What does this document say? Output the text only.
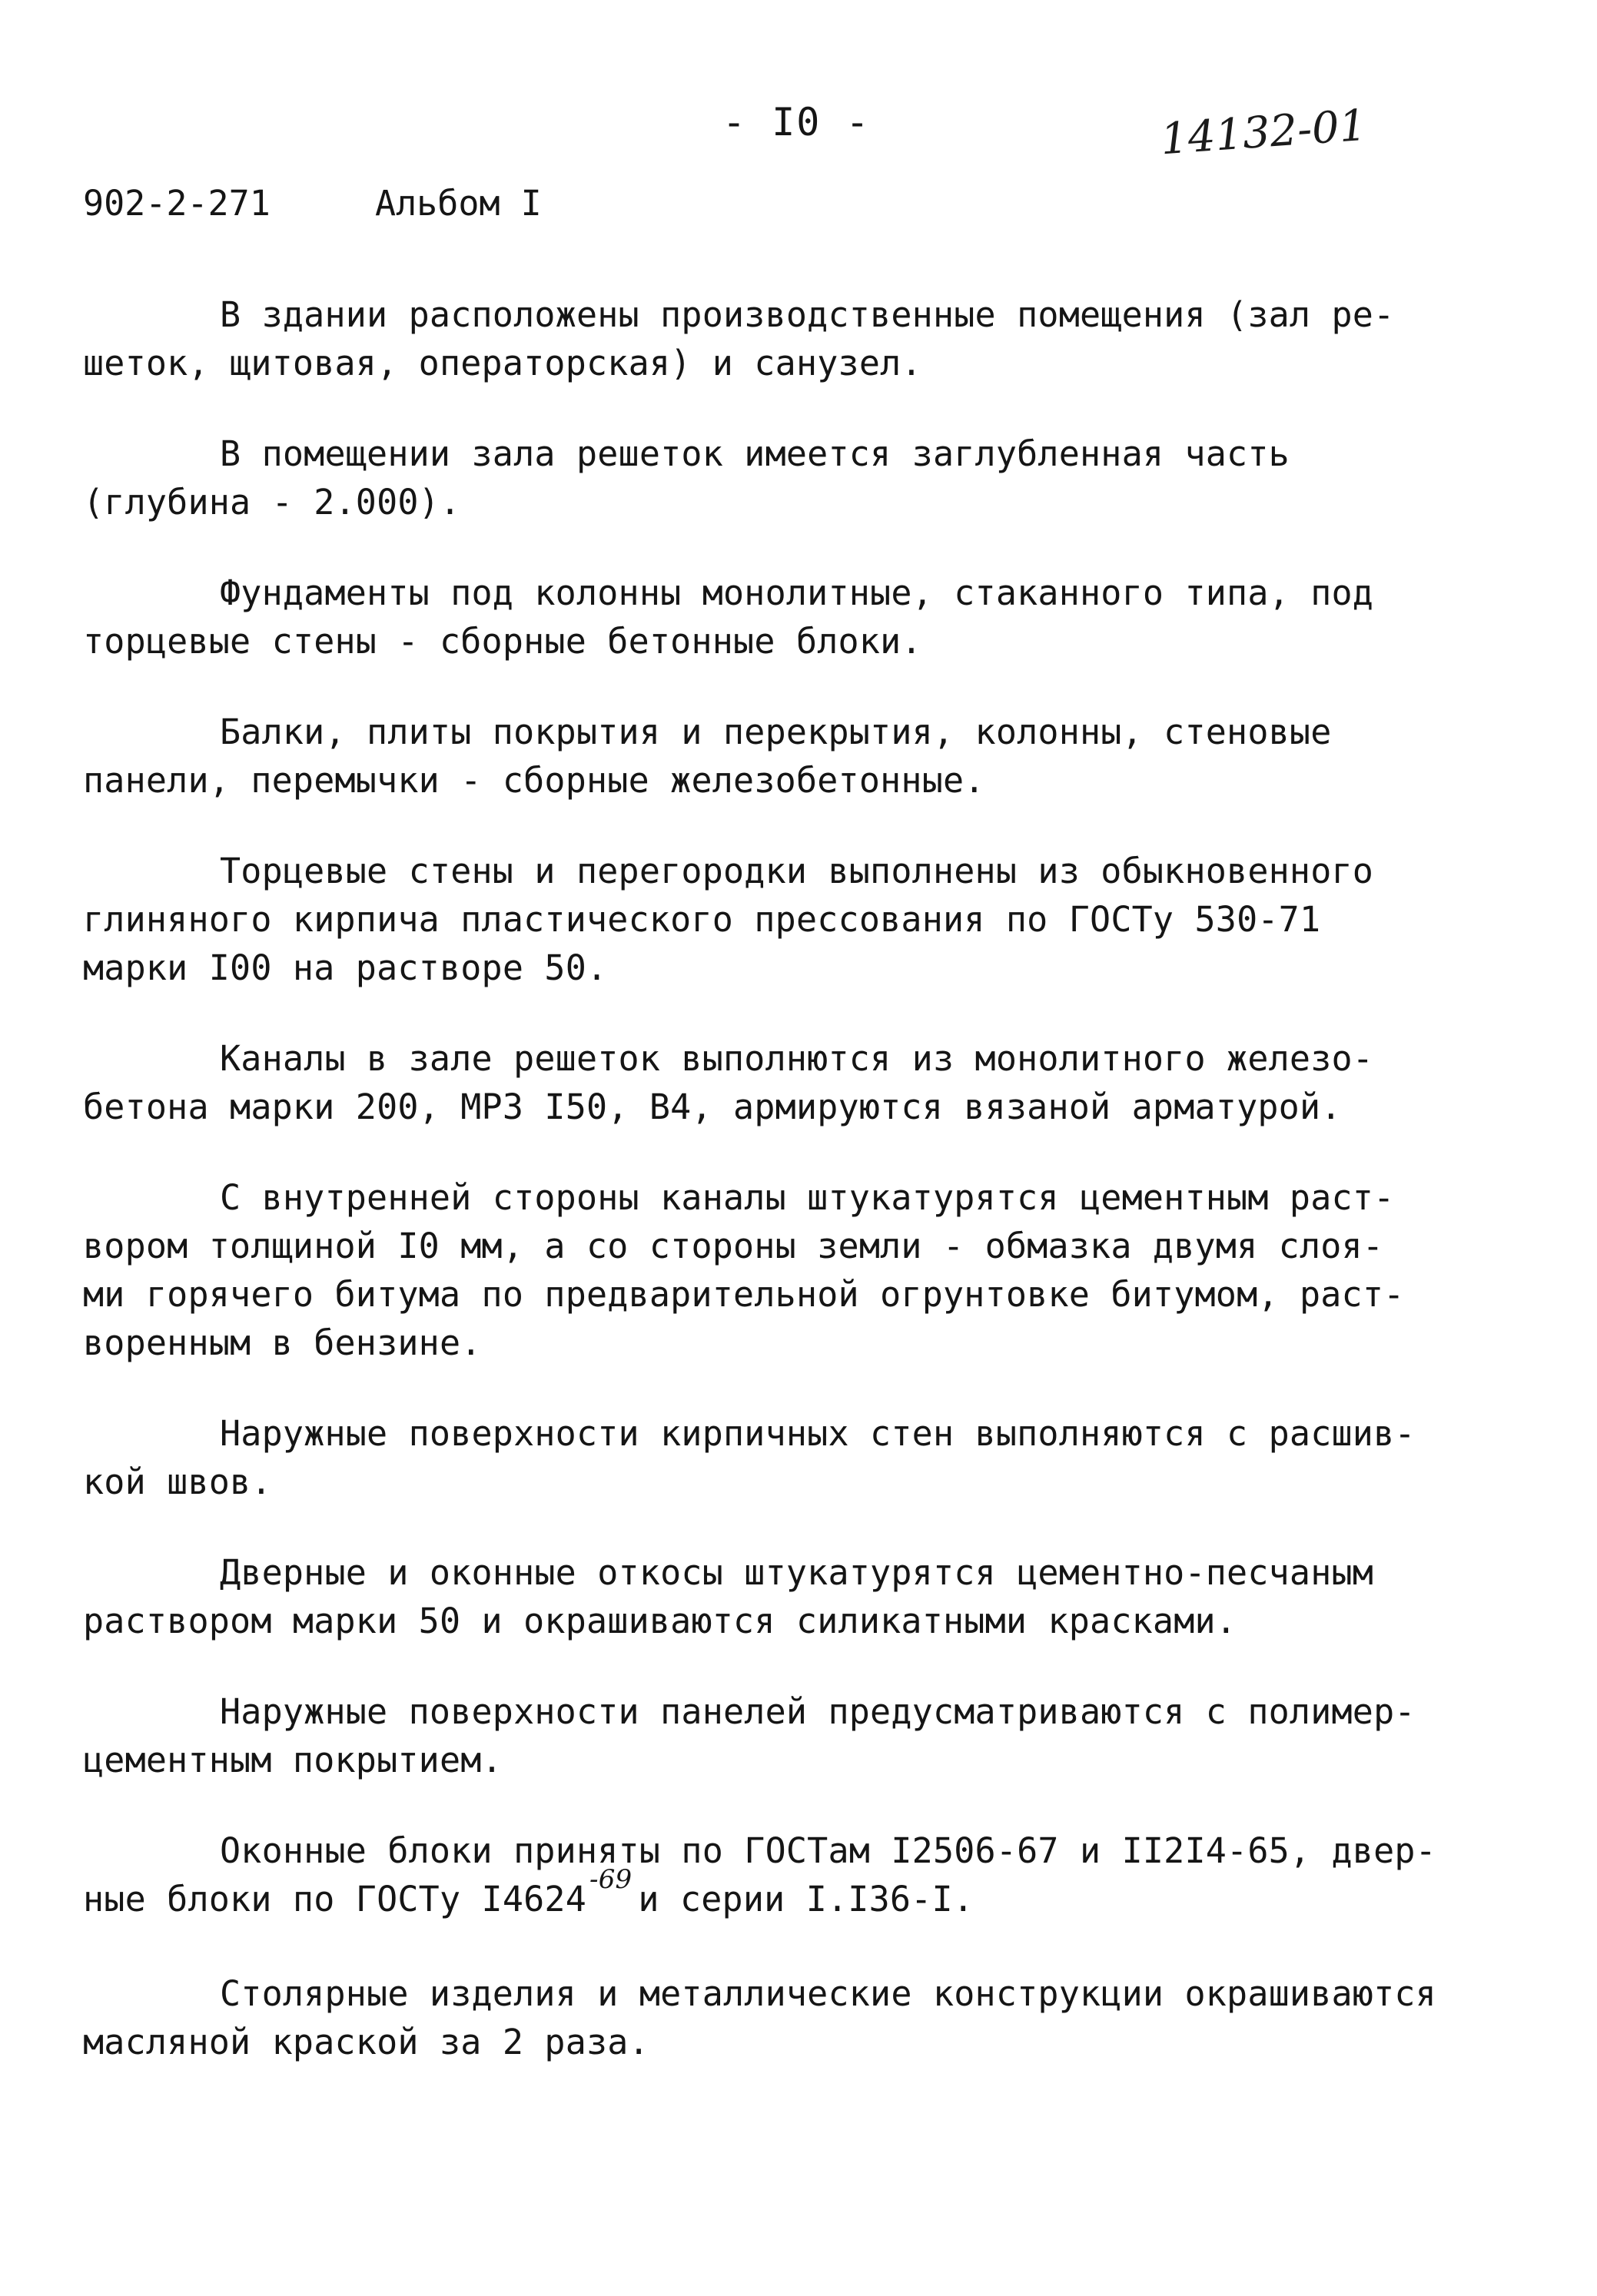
- I0 -	14132-01
902-2-271	Альбом I
В здании расположены производственные помещения (зал ре-
шеток, щитовая, операторская) и санузел.
В помещении зала решеток имеется заглубленная часть
(глубина - 2.000).
Фундаменты под колонны монолитные, стаканного типа, под
торцевые стены - сборные бетонные блоки.
Балки, плиты покрытия и перекрытия, колонны, стеновые
панели, перемычки - сборные железобетонные.
Торцевые стены и перегородки выполнены из обыкновенного
глиняного кирпича пластического прессования по ГОСТу 530-71
марки I00 на растворе 50.
Каналы в зале решеток выполнются из монолитного железо-
бетона марки 200, МРЗ I50, В4, армируются вязаной арматурой.
С внутренней стороны каналы штукатурятся цементным раст-
вором толщиной I0 мм, а со стороны земли - обмазка двумя слоя-
ми горячего битума по предварительной огрунтовке битумом, раст-
воренным в бензине.
Наружные поверхности кирпичных стен выполняются с расшив-
кой швов.
Дверные и оконные откосы штукатурятся цементно-песчаным
раствором марки 50 и окрашиваются силикатными красками.
Наружные поверхности панелей предусматриваются с полимер-
цементным покрытием.
Оконные блоки приняты по ГОСТам I2506-67 и II2I4-65, двер-
ные блоки по ГОСТу I4624 $^{-69}$ и серии I.I36-I.
Столярные изделия и металлические конструкции окрашиваются
масляной краской за 2 раза.
